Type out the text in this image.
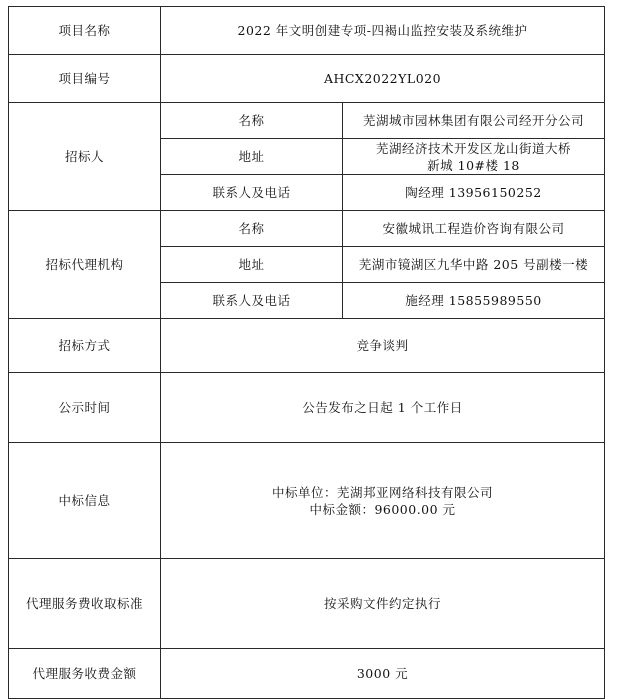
项目名称	2022 年文明创建专项-四褐山监控安装及系统维护	
项目编号	AHCX2022YL020	
招标人	名称	芜湖城市园林集团有限公司经开分公司
	地址	芜湖经济技术开发区龙山街道大桥
新城 10#楼 18

	联系人及电话	陶经理 13956150252
招标代理机构	名称	安徽城讯工程造价咨询有限公司
	地址	芜湖市镜湖区九华中路 205 号副楼一楼
	联系人及电话	施经理 15855989550
招标方式	竞争谈判	
公示时间	公告发布之日起 1 个工作日	
中标信息	中标单位：芜湖邦亚网络科技有限公司
中标金额：96000.00 元	

代理服务费收取标准	按采购文件约定执行	
代理服务收费金额	3000 元	
